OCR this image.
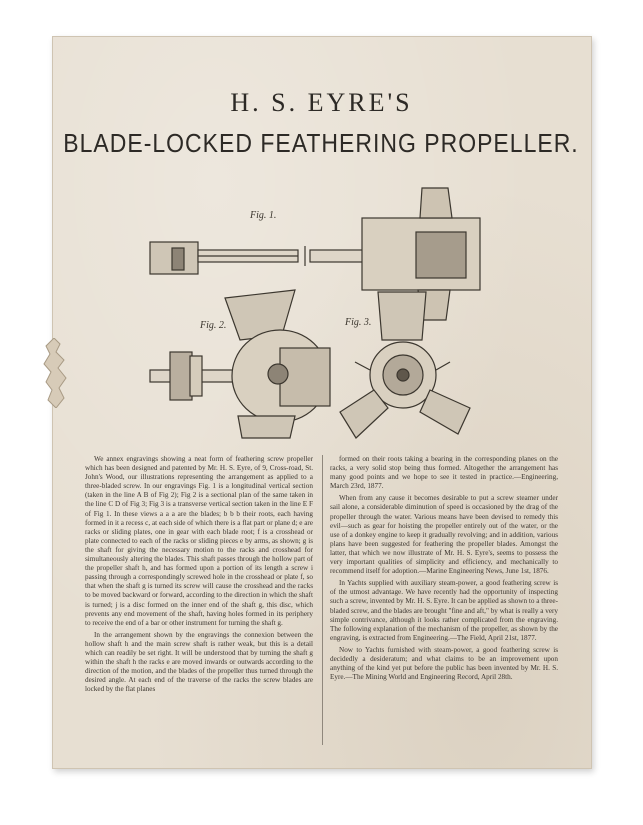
H. S. EYRE'S
BLADE-LOCKED FEATHERING PROPELLER.
Fig. 1.
Fig. 2.	Fig. 3.

We annex engravings showing a neat form of feathering screw propeller which has been designed and patented by Mr. H. S. Eyre, of 9, Cross-road, St. John's Wood, our illustrations representing the arrangement as applied to a three-bladed screw. In our engravings Fig. 1 is a longitudinal vertical section (taken in the line A B of Fig 2); Fig 2 is a sectional plan of the same taken in the line C D of Fig 3; Fig 3 is a transverse vertical section taken in the line E F of Fig 1. In these views a a a are the blades; b b b their roots, each having formed in it a recess c, at each side of which there is a flat part or plane d; e are racks or sliding plates, one in gear with each blade root; f is a crosshead or plate connected to each of the racks or sliding pieces e by arms, as shown; g is the shaft for giving the necessary motion to the racks and crosshead for simultaneously altering the blades. This shaft passes through the hollow part of the propeller shaft h, and has formed upon a portion of its length a screw i passing through a correspondingly screwed hole in the crosshead or plate f, so that when the shaft g is turned its screw will cause the crosshead and the racks to be moved backward or forward, according to the direction in which the shaft is turned; j is a disc formed on the inner end of the shaft g, this disc, which prevents any end movement of the shaft, having holes formed in its periphery to receive the end of a bar or other instrument for turning the shaft g.

In the arrangement shown by the engravings the connexion between the hollow shaft h and the main screw shaft is rather weak, but this is a detail which can readily be set right. It will be understood that by turning the shaft g within the shaft h the racks e are moved inwards or outwards according to the direction of the motion, and the blades of the propeller thus turned through the desired angle. At each end of the traverse of the racks the screw blades are locked by the flat planes

formed on their roots taking a bearing in the corresponding planes on the racks, a very solid stop being thus formed. Altogether the arrangement has many good points and we hope to see it tested in practice.—Engineering, March 23rd, 1877.

When from any cause it becomes desirable to put a screw steamer under sail alone, a considerable diminution of speed is occasioned by the drag of the propeller through the water. Various means have been devised to remedy this evil—such as gear for hoisting the propeller entirely out of the water, or the use of a donkey engine to keep it gradually revolving; and in addition, various plans have been suggested for feathering the propeller blades. Amongst the latter, that which we now illustrate of Mr. H. S. Eyre's, seems to possess the very important qualities of simplicity and efficiency, and mechanically to recommend itself for adoption.—Marine Engineering News, June 1st, 1876.

In Yachts supplied with auxiliary steam-power, a good feathering screw is of the utmost advantage. We have recently had the opportunity of inspecting such a screw, invented by Mr. H. S. Eyre. It can be applied as shown to a three-bladed screw, and the blades are brought "fine and aft," by what is really a very simple contrivance, although it looks rather complicated from the engraving. The following explanation of the mechanism of the propeller, as shown by the engraving, is extracted from Engineering.—The Field, April 21st, 1877.

Now to Yachts furnished with steam-power, a good feathering screw is decidedly a desideratum; and what claims to be an improvement upon anything of the kind yet put before the public has been invented by Mr. H. S. Eyre.—The Mining World and Engineering Record, April 28th.
